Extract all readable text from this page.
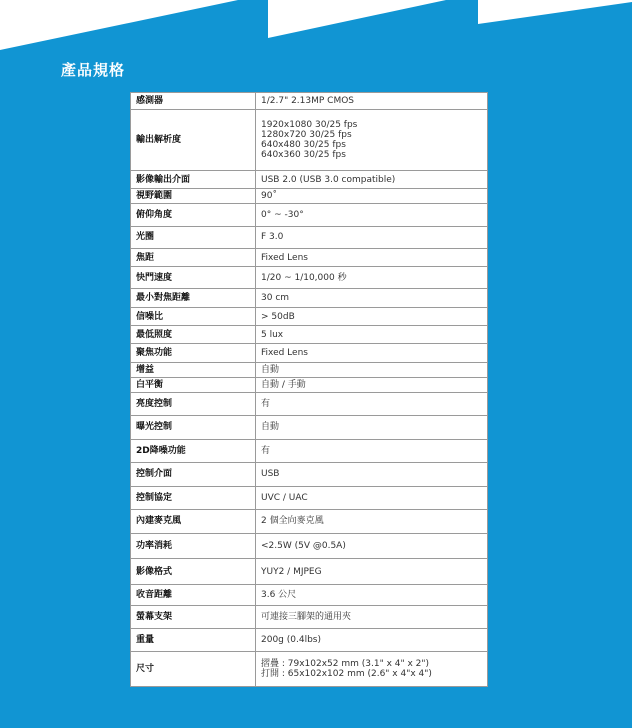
產品規格
感測器	1/2.7" 2.13MP CMOS

輸出解析度	1920x1080 30/25 fps
1280x720 30/25 fps
640x480 30/25 fps
640x360 30/25 fps

影像輸出介面	USB 2.0 (USB 3.0 compatible)

視野範圍	90˚

俯仰角度	0° ~ -30°

光圈	F 3.0

焦距	Fixed Lens

快門速度	1/20 ~ 1/10,000 秒

最小對焦距離	30 cm

信噪比	> 50dB

最低照度	5 lux

聚焦功能	Fixed Lens

增益	自動

白平衡	自動 / 手動

亮度控制	有

曝光控制	自動

2D降噪功能	有

控制介面	USB

控制協定	UVC / UAC

內建麥克風	2 個全向麥克風

功率消耗	<2.5W (5V @0.5A)

影像格式	YUY2 / MJPEG

收音距離	3.6 公尺

螢幕支架	可連接三腳架的通用夾

重量	200g (0.4lbs)

尺寸	摺疊 : 79x102x52 mm (3.1" x 4" x 2")
打開 : 65x102x102 mm (2.6" x 4"x 4")
